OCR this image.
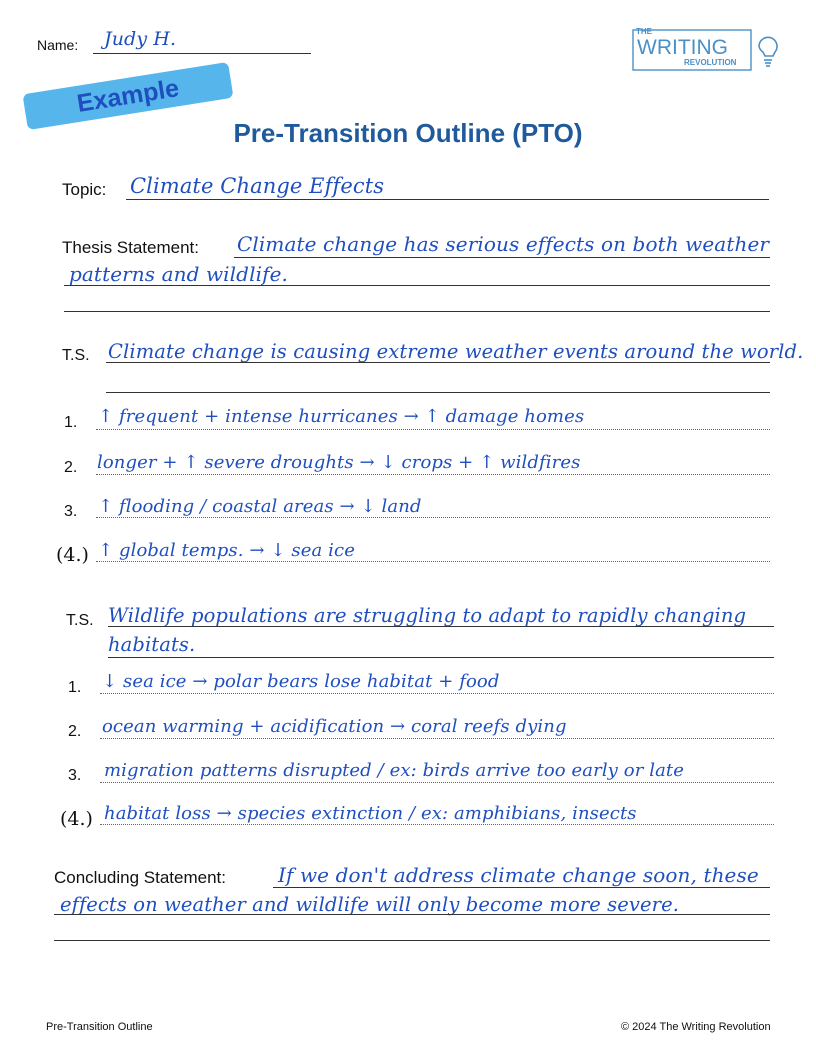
Name: Judy H.	THE
WRITING
REVOLUTION
Example
Pre-Transition Outline (PTO)
Topic: Climate Change Effects
Thesis Statement: Climate change has serious effects on both weather
patterns and wildlife.
T.S. Climate change is causing extreme weather events around the world.
1. ↑ frequent + intense hurricanes → ↑ damage homes
2. longer + ↑ severe droughts → ↓ crops + ↑ wildfires
3. ↑ flooding / coastal areas → ↓ land
(4.) ↑ global temps. → ↓ sea ice
T.S. Wildlife populations are struggling to adapt to rapidly changing
habitats.
1. ↓ sea ice → polar bears lose habitat + food
2. ocean warming + acidification → coral reefs dying
3. migration patterns disrupted / ex: birds arrive too early or late
(4.) habitat loss → species extinction / ex: amphibians, insects
Concluding Statement:	If we don't address climate change soon, these
effects on weather and wildlife will only become more severe.
Pre-Transition Outline	© 2024 The Writing Revolution
